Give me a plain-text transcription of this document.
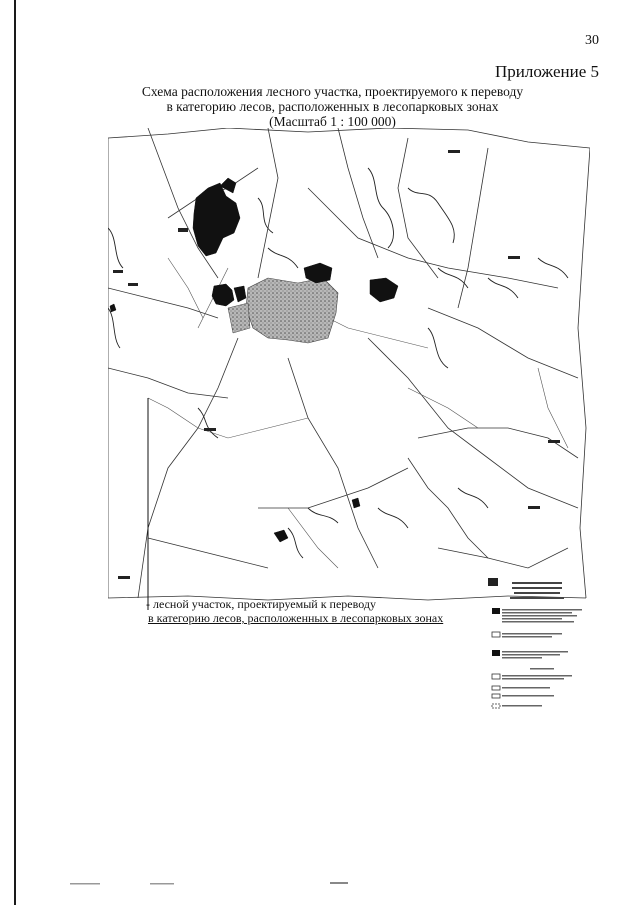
30
Приложение 5
Схема расположения лесного участка, проектируемого к переводу
в категорию лесов, расположенных в лесопарковых зонах
(Масштаб 1 : 100 000)
- лесной участок, проектируемый к переводу
в категорию лесов, расположенных в лесопарковых зонах
